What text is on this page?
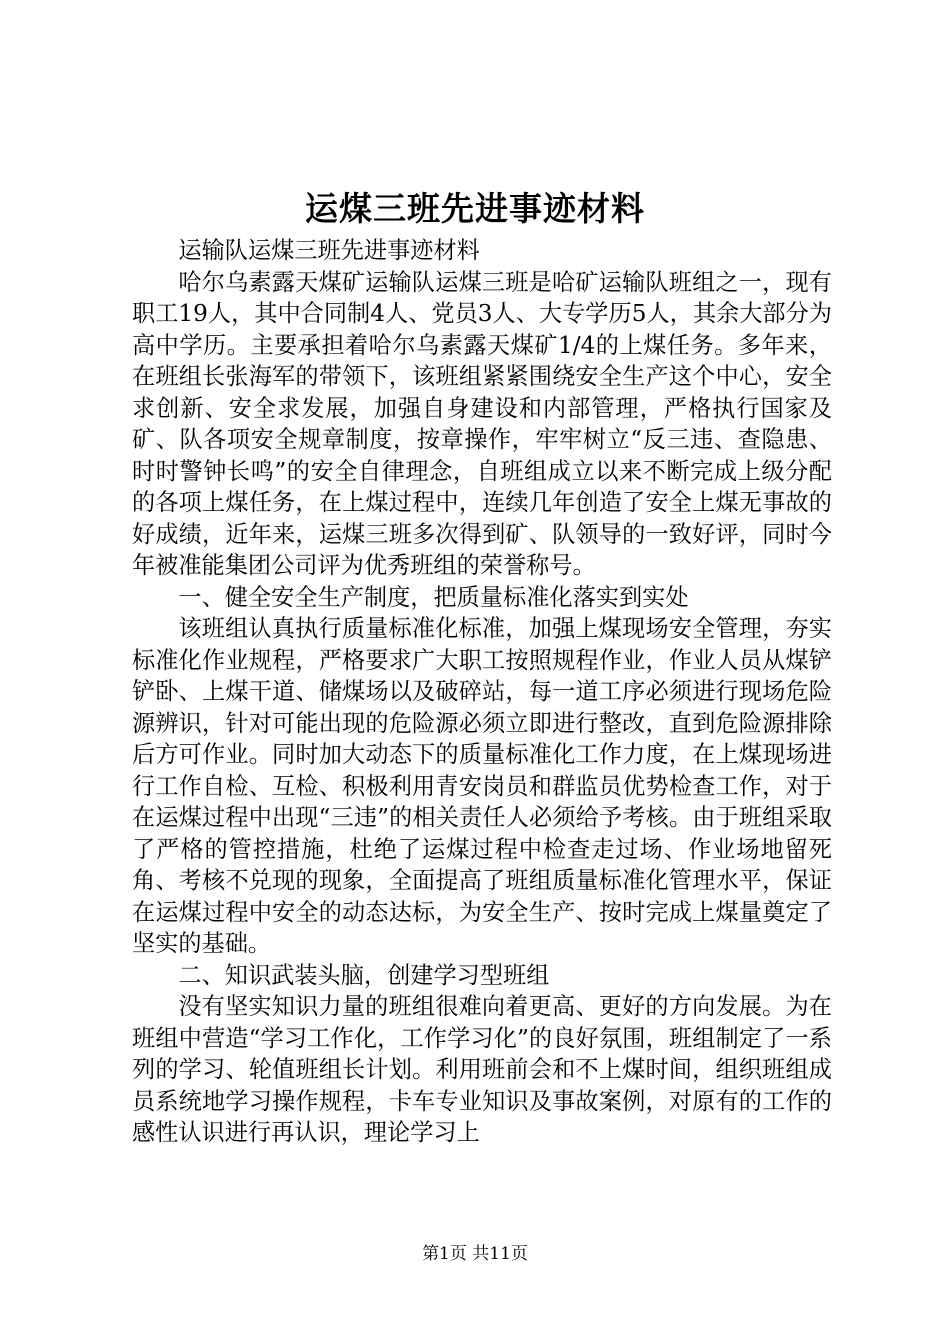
运煤三班先进事迹材料

运输队运煤三班先进事迹材料

哈尔乌素露天煤矿运输队运煤三班是哈矿运输队班组之一，现有职工19人，其中合同制4人、党员3人、大专学历5人，其余大部分为高中学历。主要承担着哈尔乌素露天煤矿1/4的上煤任务。多年来，在班组长张海军的带领下，该班组紧紧围绕安全生产这个中心，安全求创新、安全求发展，加强自身建设和内部管理，严格执行国家及矿、队各项安全规章制度，按章操作，牢牢树立“反三违、查隐患、时时警钟长鸣”的安全自律理念，自班组成立以来不断完成上级分配的各项上煤任务，在上煤过程中，连续几年创造了安全上煤无事故的好成绩，近年来，运煤三班多次得到矿、队领导的一致好评，同时今年被准能集团公司评为优秀班组的荣誉称号。

一、健全安全生产制度，把质量标准化落实到实处

该班组认真执行质量标准化标准，加强上煤现场安全管理，夯实标准化作业规程，严格要求广大职工按照规程作业，作业人员从煤铲铲卧、上煤干道、储煤场以及破碎站，每一道工序必须进行现场危险源辨识，针对可能出现的危险源必须立即进行整改，直到危险源排除后方可作业。同时加大动态下的质量标准化工作力度，在上煤现场进行工作自检、互检、积极利用青安岗员和群监员优势检查工作，对于在运煤过程中出现“三违”的相关责任人必须给予考核。由于班组采取了严格的管控措施，杜绝了运煤过程中检查走过场、作业场地留死角、考核不兑现的现象，全面提高了班组质量标准化管理水平，保证在运煤过程中安全的动态达标，为安全生产、按时完成上煤量奠定了坚实的基础。

二、知识武装头脑，创建学习型班组

没有坚实知识力量的班组很难向着更高、更好的方向发展。为在班组中营造“学习工作化，工作学习化”的良好氛围，班组制定了一系列的学习、轮值班组长计划。利用班前会和不上煤时间，组织班组成员系统地学习操作规程，卡车专业知识及事故案例，对原有的工作的感性认识进行再认识，理论学习上

第1页 共11页
